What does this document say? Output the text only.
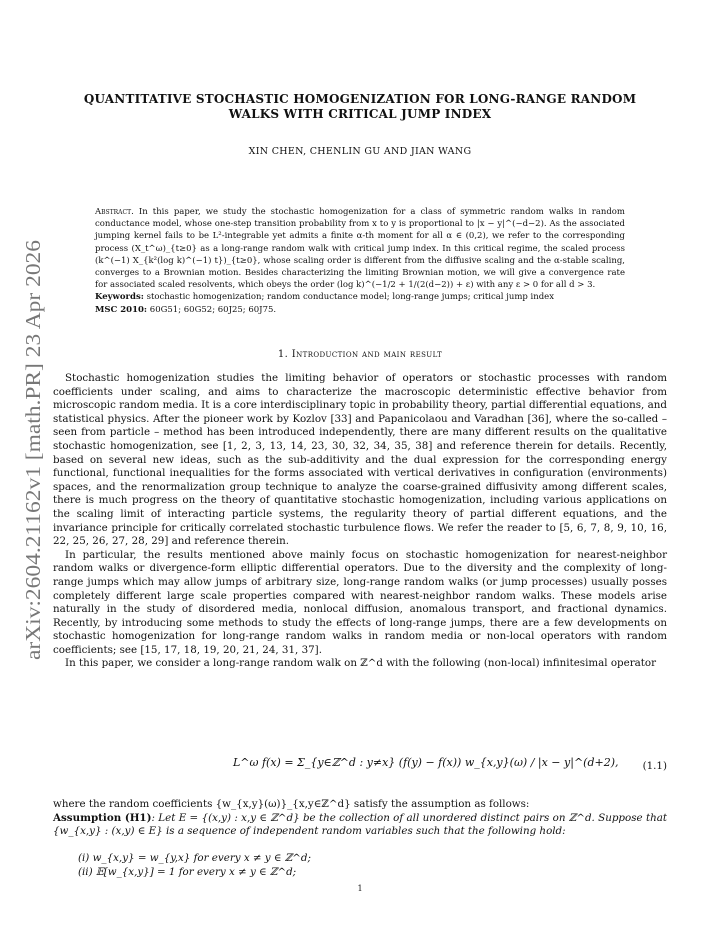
arXiv:2604.21162v1 [math.PR] 23 Apr 2026
QUANTITATIVE STOCHASTIC HOMOGENIZATION FOR LONG-RANGE RANDOM
WALKS WITH CRITICAL JUMP INDEX
XIN CHEN, CHENLIN GU AND JIAN WANG
Abstract. In this paper, we study the stochastic homogenization for a class of symmetric random walks in random conductance model, whose one-step transition probability from x to y is proportional to |x − y|^(−d−2). As the associated jumping kernel fails to be L²-integrable yet admits a finite α-th moment for all α ∈ (0,2), we refer to the corresponding process (X_t^ω)_{t≥0} as a long-range random walk with critical jump index. In this critical regime, the scaled process (k^(−1) X_{k²(log k)^(−1) t})_{t≥0}, whose scaling order is different from the diffusive scaling and the α-stable scaling, converges to a Brownian motion. Besides characterizing the limiting Brownian motion, we will give a convergence rate for associated scaled resolvents, which obeys the order (log k)^(−1/2 + 1/(2(d−2)) + ε) with any ε > 0 for all d > 3.
Keywords: stochastic homogenization; random conductance model; long-range jumps; critical jump index
MSC 2010: 60G51; 60G52; 60J25; 60J75.
1. Introduction and main result

Stochastic homogenization studies the limiting behavior of operators or stochastic processes with random coefficients under scaling, and aims to characterize the macroscopic deterministic effective behavior from microscopic random media. It is a core interdisciplinary topic in probability theory, partial differential equations, and statistical physics. After the pioneer work by Kozlov [33] and Papanicolaou and Varadhan [36], where the so-called – seen from particle – method has been introduced independently, there are many different results on the qualitative stochastic homogenization, see [1, 2, 3, 13, 14, 23, 30, 32, 34, 35, 38] and reference therein for details. Recently, based on several new ideas, such as the sub-additivity and the dual expression for the corresponding energy functional, functional inequalities for the forms associated with vertical derivatives in configuration (environments) spaces, and the renormalization group technique to analyze the coarse-grained diffusivity among different scales, there is much progress on the theory of quantitative stochastic homogenization, including various applications on the scaling limit of interacting particle systems, the regularity theory of partial different equations, and the invariance principle for critically correlated stochastic turbulence flows. We refer the reader to [5, 6, 7, 8, 9, 10, 16, 22, 25, 26, 27, 28, 29] and reference therein.

In particular, the results mentioned above mainly focus on stochastic homogenization for nearest-neighbor random walks or divergence-form elliptic differential operators. Due to the diversity and the complexity of long-range jumps which may allow jumps of arbitrary size, long-range random walks (or jump processes) usually posses completely different large scale properties compared with nearest-neighbor random walks. These models arise naturally in the study of disordered media, nonlocal diffusion, anomalous transport, and fractional dynamics. Recently, by introducing some methods to study the effects of long-range jumps, there are a few developments on stochastic homogenization for long-range random walks in random media or non-local operators with random coefficients; see [15, 17, 18, 19, 20, 21, 24, 31, 37].

In this paper, we consider a long-range random walk on ℤ^d with the following (non-local) infinitesimal operator

L^ω f(x) = Σ_{y∈ℤ^d : y≠x} (f(y) − f(x)) w_{x,y}(ω) / |x − y|^(d+2), (1.1)

where the random coefficients {w_{x,y}(ω)}_{x,y∈ℤ^d} satisfy the assumption as follows:

Assumption (H1): Let E = {(x,y) : x,y ∈ ℤ^d} be the collection of all unordered distinct pairs on ℤ^d. Suppose that {w_{x,y} : (x,y) ∈ E} is a sequence of independent random variables such that the following hold:

(i) w_{x,y} = w_{y,x} for every x ≠ y ∈ ℤ^d;
(ii) 𝔼[w_{x,y}] = 1 for every x ≠ y ∈ ℤ^d;
1
